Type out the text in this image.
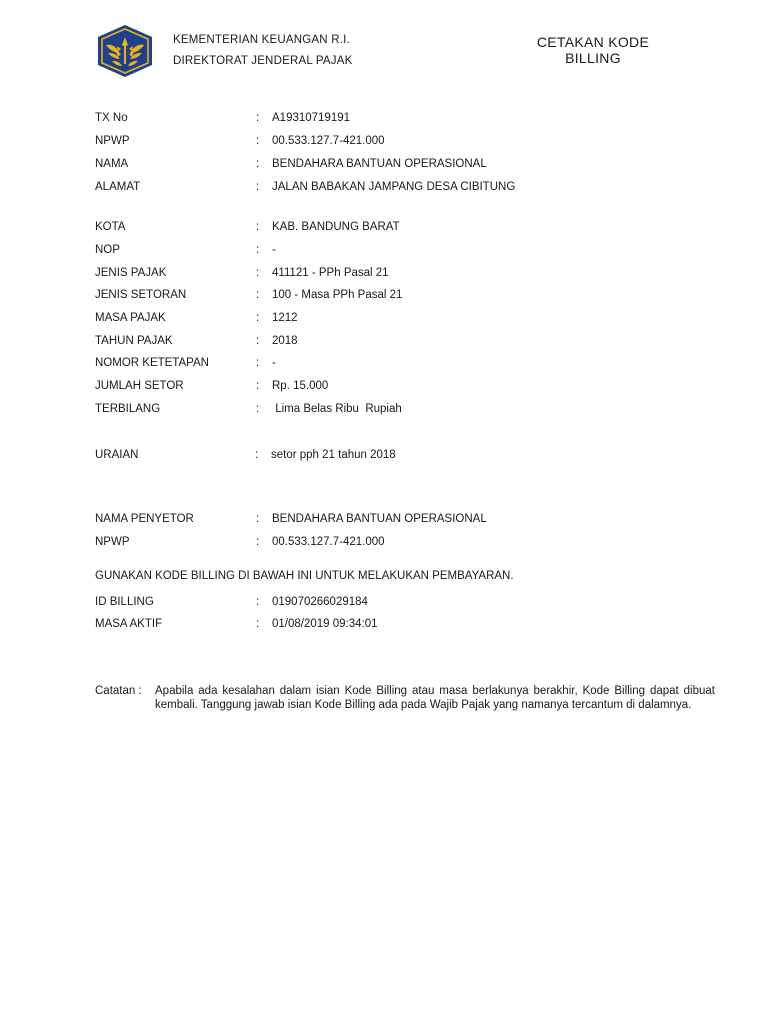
KEMENTERIAN KEUANGAN R.I.
DIREKTORAT JENDERAL PAJAK
CETAKAN KODE
BILLING
TX No	: A19310719191
NPWP	: 00.533.127.7-421.000
NAMA	: BENDAHARA BANTUAN OPERASIONAL
ALAMAT	: JALAN BABAKAN JAMPANG DESA CIBITUNG
KOTA	: KAB. BANDUNG BARAT
NOP	: -
JENIS PAJAK	: 411121 - PPh Pasal 21
JENIS SETORAN	: 100 - Masa PPh Pasal 21
MASA PAJAK	: 1212
TAHUN PAJAK	: 2018
NOMOR KETETAPAN	: -
JUMLAH SETOR	: Rp. 15.000
TERBILANG	: Lima Belas Ribu  Rupiah
URAIAN	: setor pph 21 tahun 2018
NAMA PENYETOR	: BENDAHARA BANTUAN OPERASIONAL
NPWP	: 00.533.127.7-421.000
GUNAKAN KODE BILLING DI BAWAH INI UNTUK MELAKUKAN PEMBAYARAN.
ID BILLING	: 019070266029184
MASA AKTIF	: 01/08/2019 09:34:01
Catatan : Apabila ada kesalahan dalam isian Kode Billing atau masa berlakunya berakhir, Kode Billing dapat dibuat kembali. Tanggung jawab isian Kode Billing ada pada Wajib Pajak yang namanya tercantum di dalamnya.
